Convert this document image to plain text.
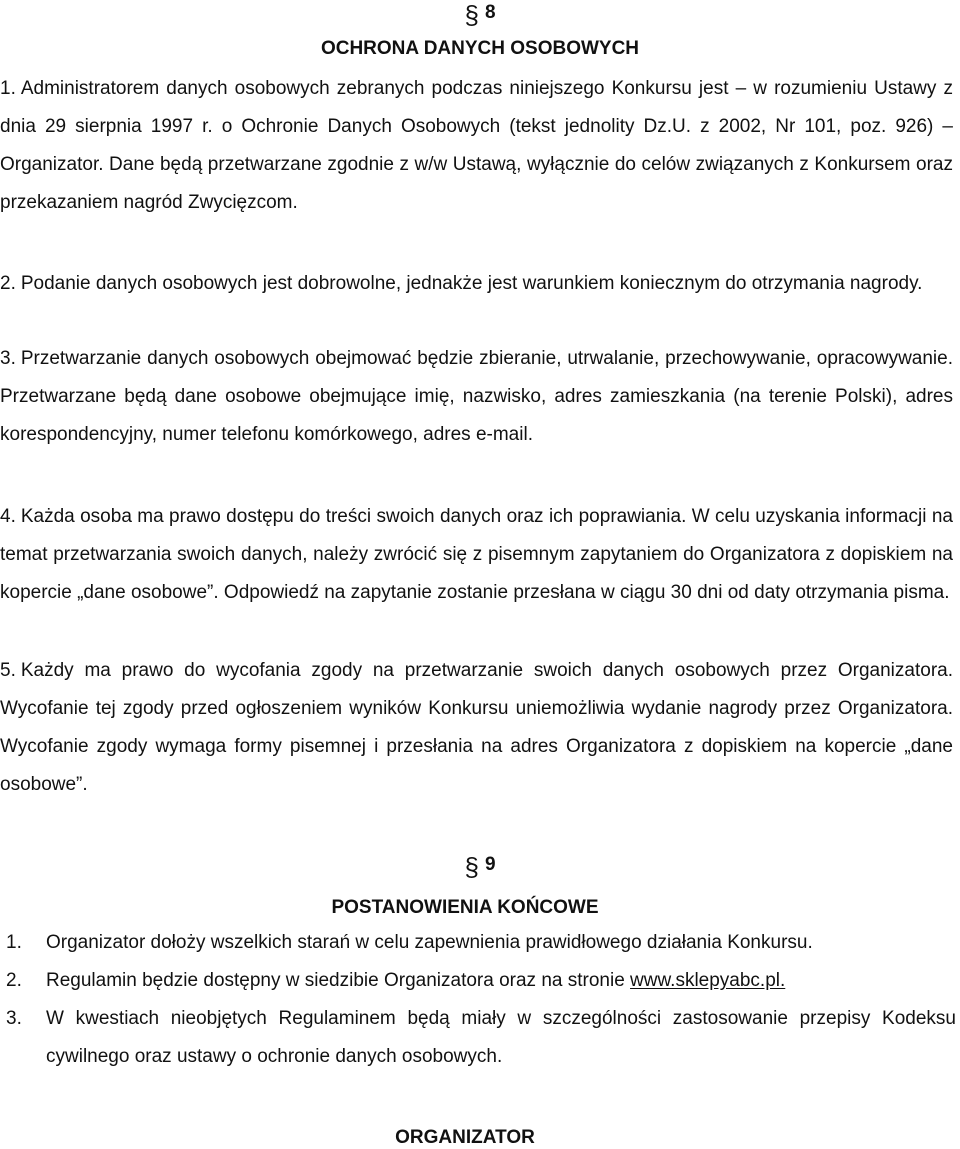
§ 8
OCHRONA DANYCH OSOBOWYCH

1. Administratorem danych osobowych zebranych podczas niniejszego Konkursu jest – w rozumieniu Ustawy z dnia 29 sierpnia 1997 r. o Ochronie Danych Osobowych (tekst jednolity Dz.U. z 2002, Nr 101, poz. 926) – Organizator. Dane będą przetwarzane zgodnie z w/w Ustawą, wyłącznie do celów związanych z Konkursem oraz przekazaniem nagród Zwycięzcom.

2. Podanie danych osobowych jest dobrowolne, jednakże jest warunkiem koniecznym do otrzymania nagrody.

3. Przetwarzanie danych osobowych obejmować będzie zbieranie, utrwalanie, przechowywanie, opracowywanie. Przetwarzane będą dane osobowe obejmujące imię, nazwisko, adres zamieszkania (na terenie Polski), adres korespondencyjny, numer telefonu komórkowego, adres e-mail.

4. Każda osoba ma prawo dostępu do treści swoich danych oraz ich poprawiania. W celu uzyskania informacji na temat przetwarzania swoich danych, należy zwrócić się z pisemnym zapytaniem do Organizatora z dopiskiem na kopercie „dane osobowe”. Odpowiedź na zapytanie zostanie przesłana w ciągu 30 dni od daty otrzymania pisma.

5. Każdy ma prawo do wycofania zgody na przetwarzanie swoich danych osobowych przez Organizatora. Wycofanie tej zgody przed ogłoszeniem wyników Konkursu uniemożliwia wydanie nagrody przez Organizatora. Wycofanie zgody wymaga formy pisemnej i przesłania na adres Organizatora z dopiskiem na kopercie „dane osobowe”.

§ 9
POSTANOWIENIA KOŃCOWE
1. Organizator dołoży wszelkich starań w celu zapewnienia prawidłowego działania Konkursu.
2. Regulamin będzie dostępny w siedzibie Organizatora oraz na stronie www.sklepyabc.pl.
3. W kwestiach nieobjętych Regulaminem będą miały w szczególności zastosowanie przepisy Kodeksu cywilnego oraz ustawy o ochronie danych osobowych.
ORGANIZATOR
